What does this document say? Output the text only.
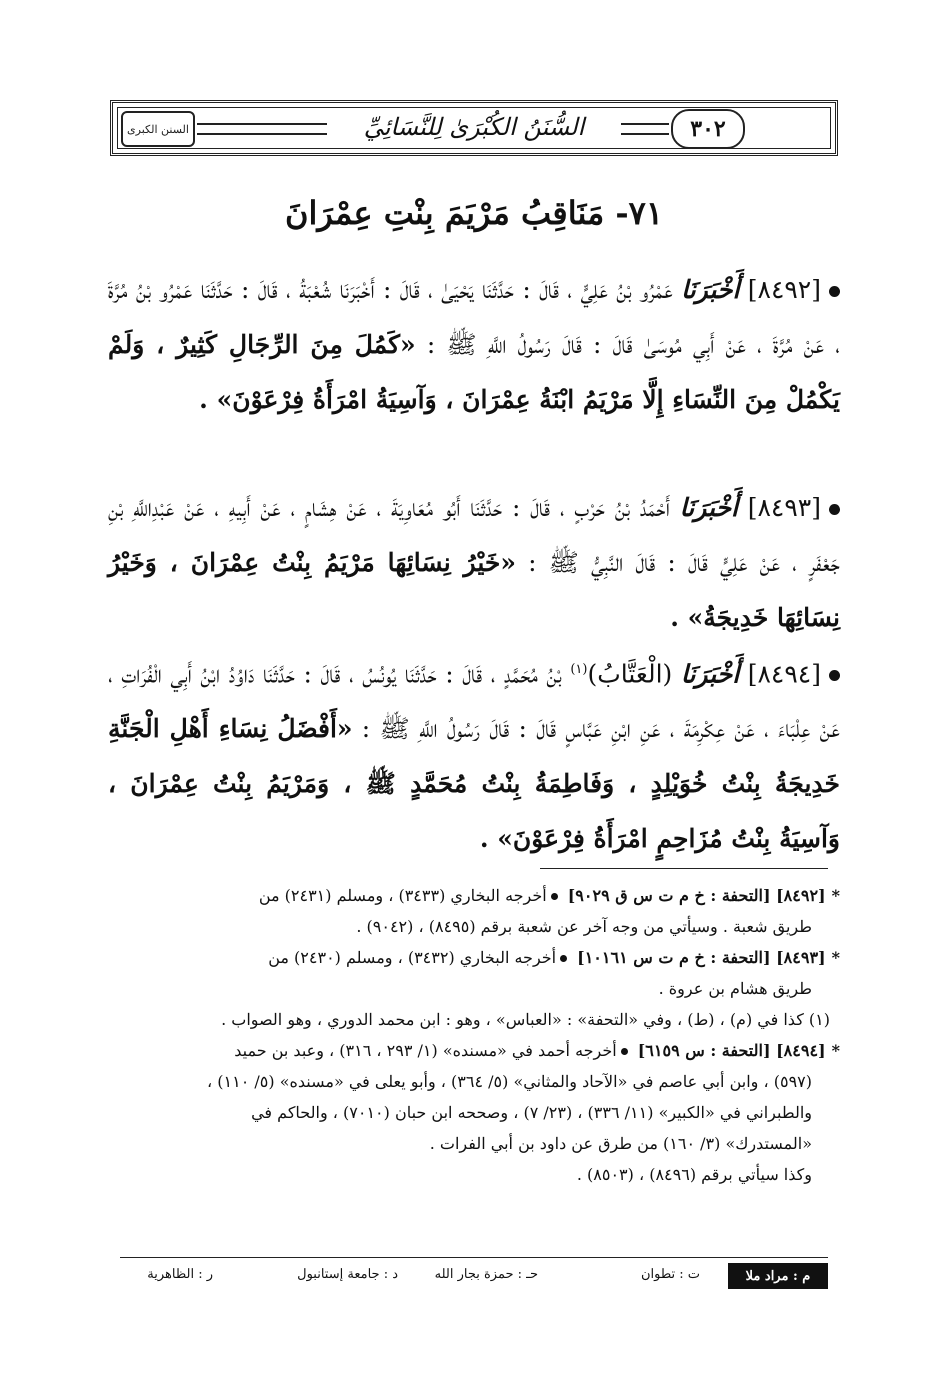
السنن الكبرى	السُّنَنُ الكُبْرَىٰ لِلنَّسَائِيِّ	٣٠٢
٧١- مَنَاقِبُ مَرْيَمَ بِنْتِ عِمْرَانَ
[٨٤٩٢] أَخْبَرَنَا عَمْرُو بْنُ عَلِيٍّ ، قَالَ : حَدَّثَنَا يَحْيَىٰ ، قَالَ : أَخْبَرَنَا شُعْبَةُ ، قَالَ : حَدَّثَنَا عَمْرُو بْنُ مُرَّةَ ، عَنْ مُرَّةَ ، عَنْ أَبِي مُوسَىٰ قَالَ : قَالَ رَسُولُ اللَّهِ ﷺ : «كَمُلَ مِنَ الرِّجَالِ كَثِيرٌ ، وَلَمْ يَكْمُلْ مِنَ النِّسَاءِ إِلَّا مَرْيَمُ ابْنَةُ عِمْرَانَ ، وَآسِيَةُ امْرَأَةُ فِرْعَوْنَ» .
[٨٤٩٣] أَخْبَرَنَا أَحْمَدُ بْنُ حَرْبٍ ، قَالَ : حَدَّثَنَا أَبُو مُعَاوِيَةَ ، عَنْ هِشَامٍ ، عَنْ أَبِيهِ ، عَنْ عَبْدِاللَّهِ بْنِ جَعْفَرٍ ، عَنْ عَلِيٍّ قَالَ : قَالَ النَّبِيُّ ﷺ : «خَيْرُ نِسَائِهَا مَرْيَمُ بِنْتُ عِمْرَانَ ، وَخَيْرُ نِسَائِهَا خَدِيجَةُ» .
[٨٤٩٤] أَخْبَرَنَا (الْعَتَّابُ)$^{(١)}$ بْنُ مُحَمَّدٍ ، قَالَ : حَدَّثَنَا يُونُسُ ، قَالَ : حَدَّثَنَا دَاوُدُ ابْنُ أَبِي الْفُرَاتِ ، عَنْ عِلْبَاءَ ، عَنْ عِكْرِمَةَ ، عَنِ ابْنِ عَبَّاسٍ قَالَ : قَالَ رَسُولُ اللَّهِ ﷺ : «أَفْضَلُ نِسَاءِ أَهْلِ الْجَنَّةِ خَدِيجَةُ بِنْتُ خُوَيْلِدٍ ، وَفَاطِمَةُ بِنْتُ مُحَمَّدٍ ﷺ ، وَمَرْيَمُ بِنْتُ عِمْرَانَ ، وَآسِيَةُ بِنْتُ مُزَاحِمٍ امْرَأَةُ فِرْعَوْنَ» .

*[٨٤٩٢] [التحفة : خ م ت س ق ٩٠٢٩]أخرجه البخاري (٣٤٣٣) ، ومسلم (٢٤٣١) من

طريق شعبة . وسيأتي من وجه آخر عن شعبة برقم (٨٤٩٥) ، (٩٠٤٢) .

*[٨٤٩٣] [التحفة : خ م ت س ١٠١٦١]أخرجه البخاري (٣٤٣٢) ، ومسلم (٢٤٣٠) من

طريق هشام بن عروة .

(١) كذا في (م) ، (ط) ، وفي «التحفة» : «العباس» ، وهو : ابن محمد الدوري ، وهو الصواب .

*[٨٤٩٤] [التحفة : س ٦١٥٩]أخرجه أحمد في «مسنده» (١/ ٢٩٣ ، ٣١٦) ، وعبد بن حميد

(٥٩٧) ، وابن أبي عاصم في «الآحاد والمثاني» (٥/ ٣٦٤) ، وأبو يعلى في «مسنده» (٥/ ١١٠) ،

والطبراني في «الكبير» (١١/ ٣٣٦) ، (٢٣/ ٧) ، وصححه ابن حبان (٧٠١٠) ، والحاكم في

«المستدرك» (٣/ ١٦٠) من طرق عن داود بن أبي الفرات .

وكذا سيأتي برقم (٨٤٩٦) ، (٨٥٠٣) .

م : مراد ملا
ت : تطوان
حـ : حمزة بجار الله
د : جامعة إستانبول
ر : الظاهرية
